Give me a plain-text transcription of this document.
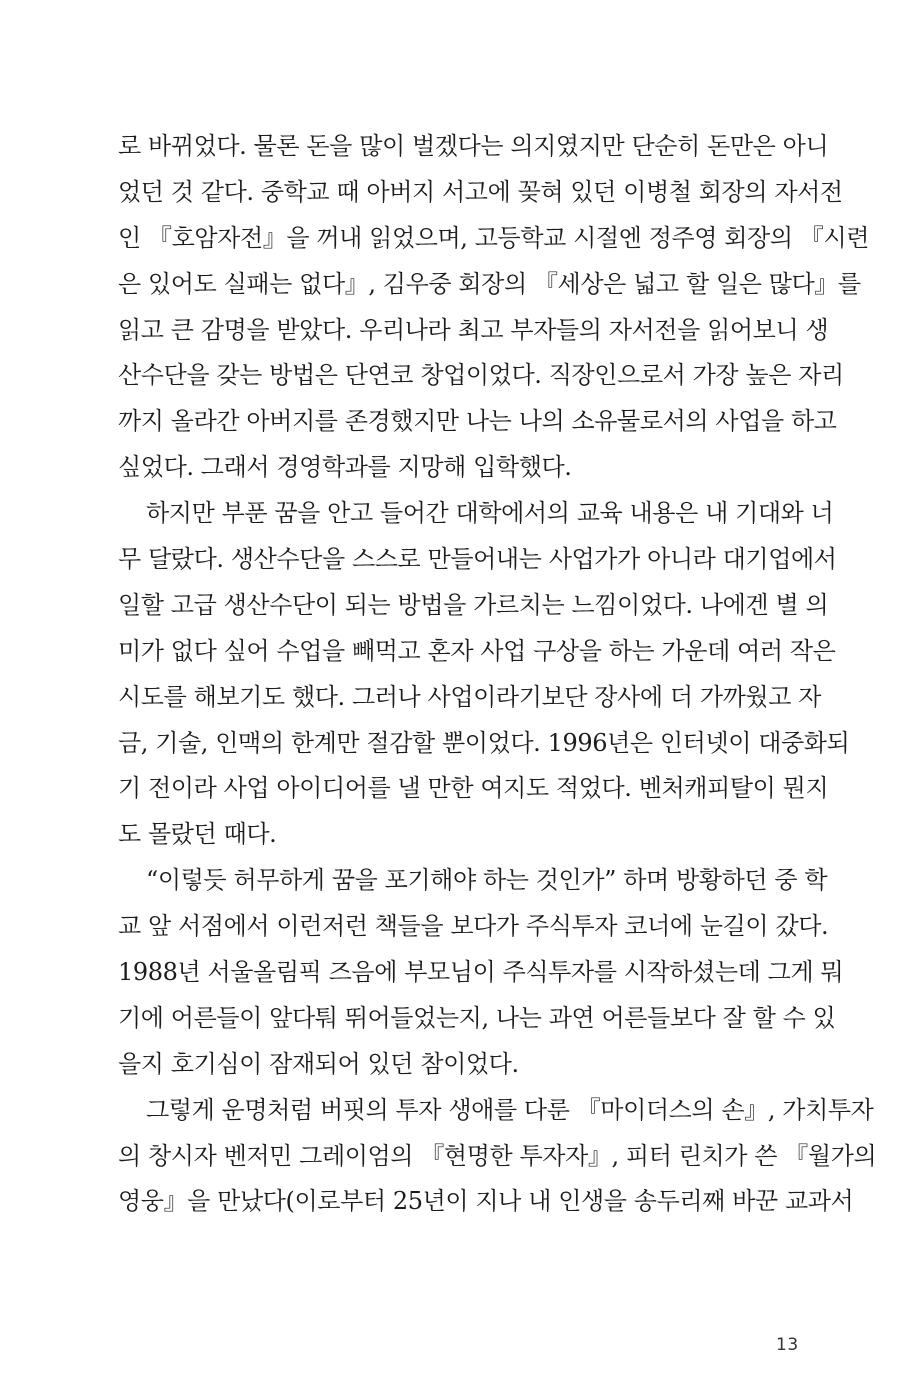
로 바뀌었다. 물론 돈을 많이 벌겠다는 의지였지만 단순히 돈만은 아니
었던 것 같다. 중학교 때 아버지 서고에 꽂혀 있던 이병철 회장의 자서전
인 『호암자전』을 꺼내 읽었으며, 고등학교 시절엔 정주영 회장의 『시련
은 있어도 실패는 없다』, 김우중 회장의 『세상은 넓고 할 일은 많다』를
읽고 큰 감명을 받았다. 우리나라 최고 부자들의 자서전을 읽어보니 생
산수단을 갖는 방법은 단연코 창업이었다. 직장인으로서 가장 높은 자리
까지 올라간 아버지를 존경했지만 나는 나의 소유물로서의 사업을 하고
싶었다. 그래서 경영학과를 지망해 입학했다.
하지만 부푼 꿈을 안고 들어간 대학에서의 교육 내용은 내 기대와 너
무 달랐다. 생산수단을 스스로 만들어내는 사업가가 아니라 대기업에서
일할 고급 생산수단이 되는 방법을 가르치는 느낌이었다. 나에겐 별 의
미가 없다 싶어 수업을 빼먹고 혼자 사업 구상을 하는 가운데 여러 작은
시도를 해보기도 했다. 그러나 사업이라기보단 장사에 더 가까웠고 자
금, 기술, 인맥의 한계만 절감할 뿐이었다. 1996년은 인터넷이 대중화되
기 전이라 사업 아이디어를 낼 만한 여지도 적었다. 벤처캐피탈이 뭔지
도 몰랐던 때다.
“이렇듯 허무하게 꿈을 포기해야 하는 것인가” 하며 방황하던 중 학
교 앞 서점에서 이런저런 책들을 보다가 주식투자 코너에 눈길이 갔다.
1988년 서울올림픽 즈음에 부모님이 주식투자를 시작하셨는데 그게 뭐
기에 어른들이 앞다퉈 뛰어들었는지, 나는 과연 어른들보다 잘 할 수 있
을지 호기심이 잠재되어 있던 참이었다.
그렇게 운명처럼 버핏의 투자 생애를 다룬 『마이더스의 손』, 가치투자
의 창시자 벤저민 그레이엄의 『현명한 투자자』, 피터 린치가 쓴 『월가의
영웅』을 만났다(이로부터 25년이 지나 내 인생을 송두리째 바꾼 교과서
13
